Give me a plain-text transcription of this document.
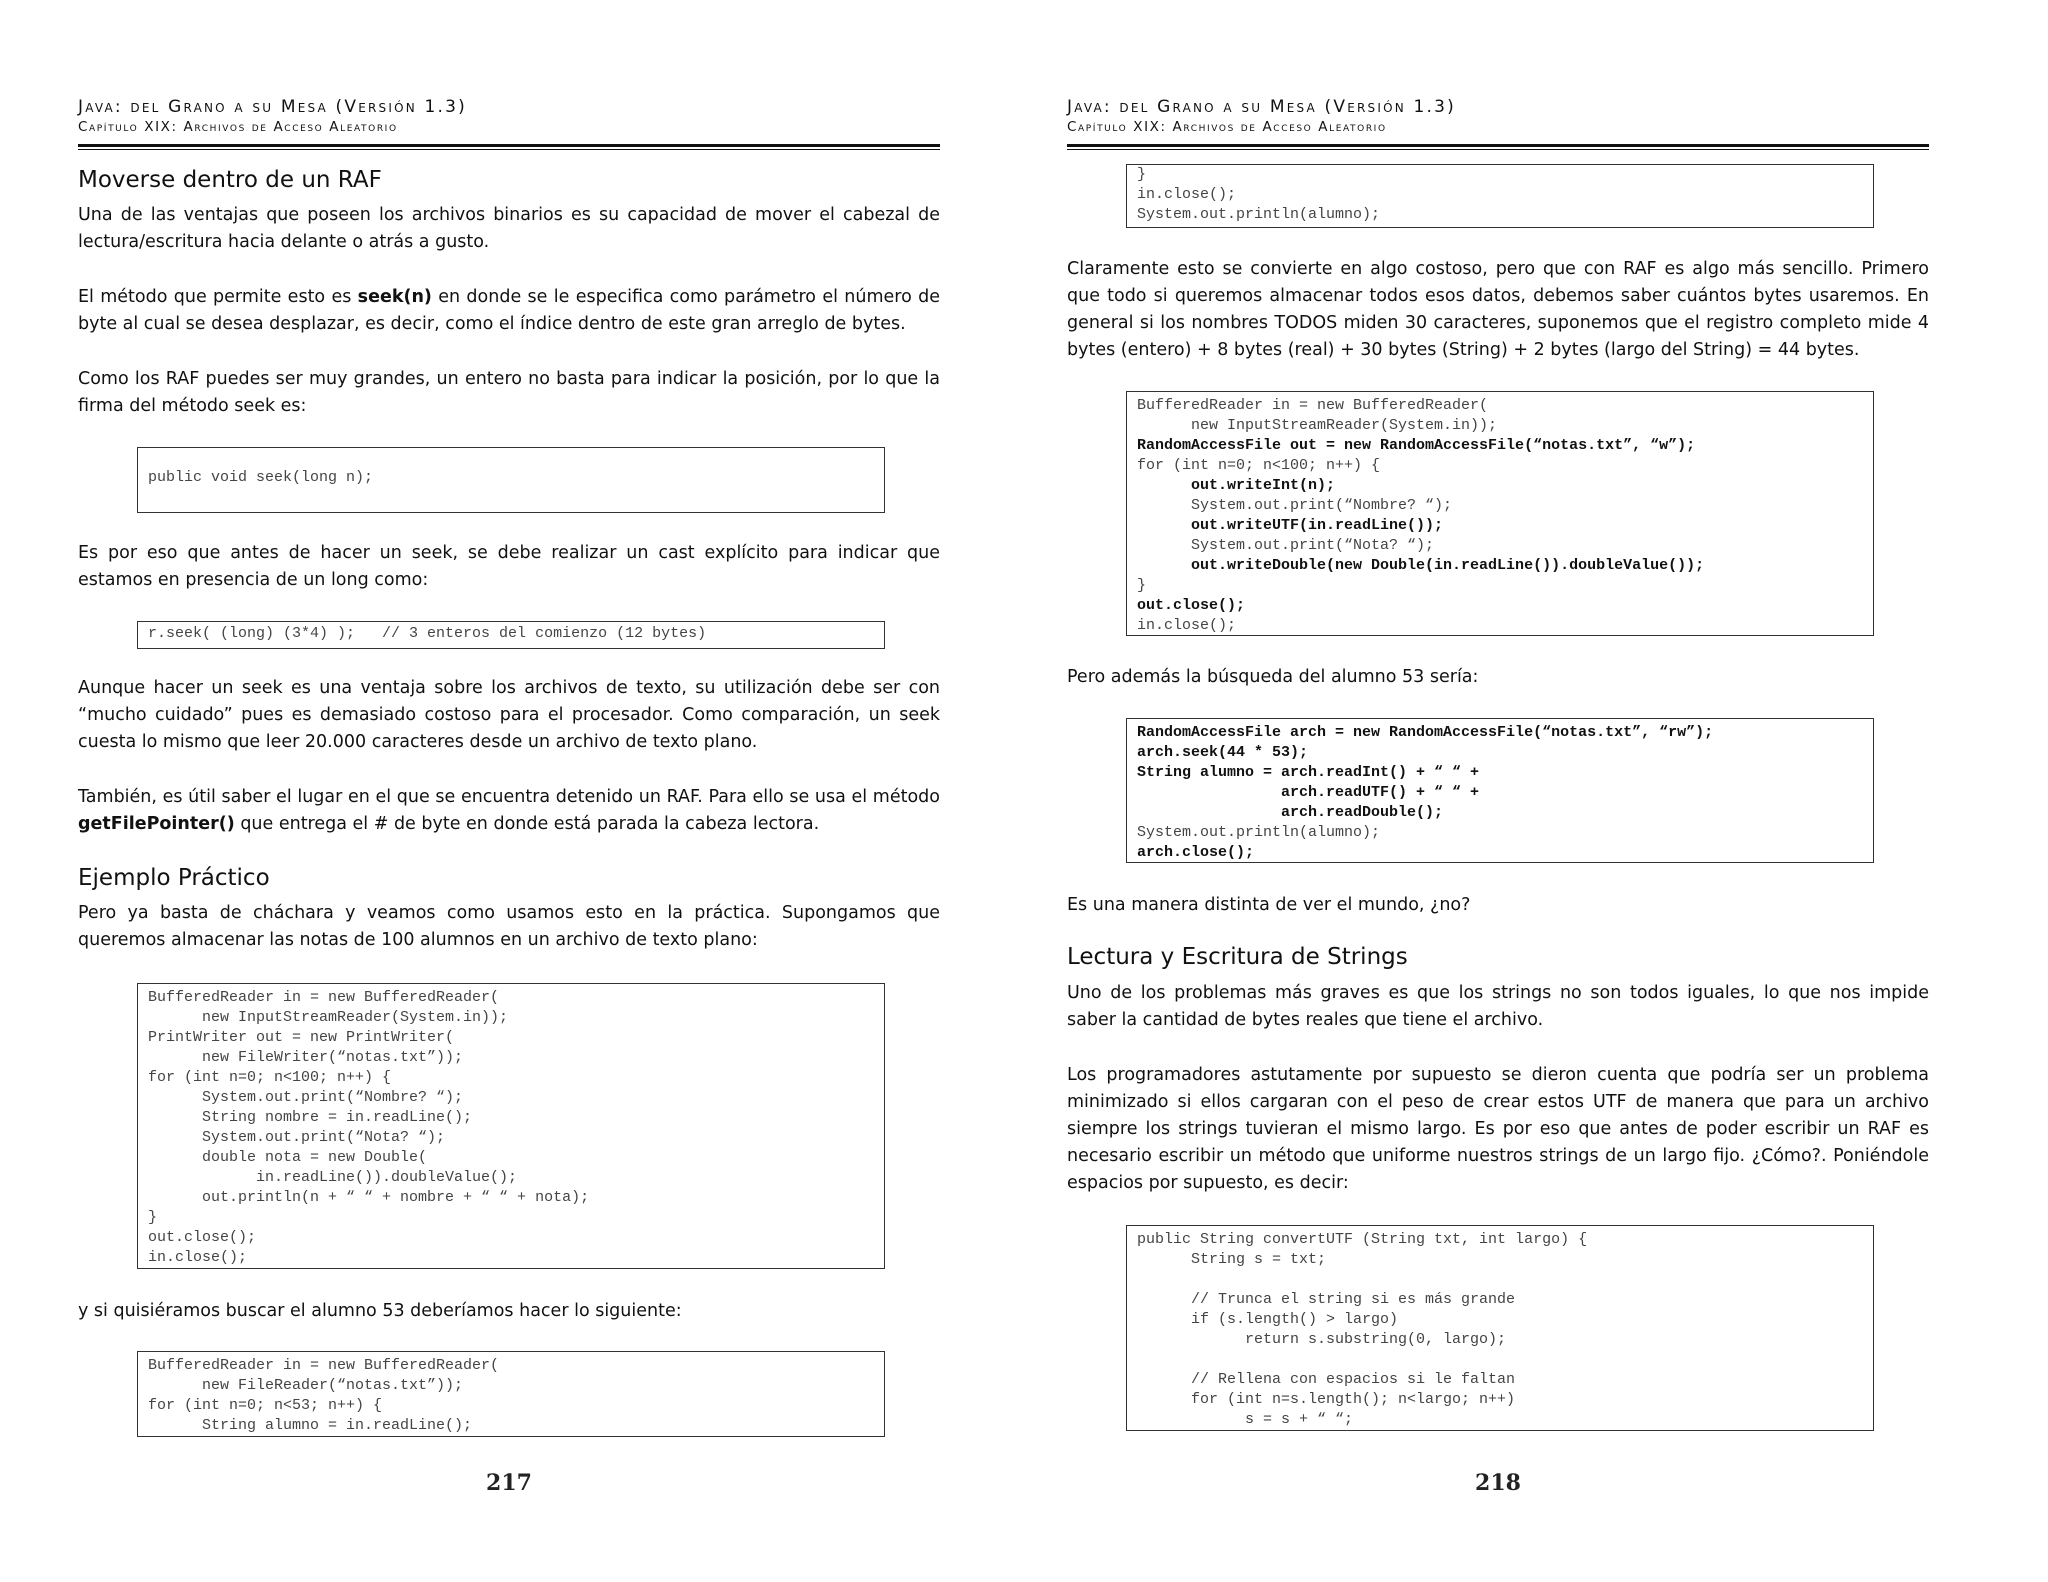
Java: del Grano a su Mesa (Versión 1.3)
Capítulo XIX: Archivos de Acceso Aleatorio
Moverse dentro de un RAF

Una de las ventajas que poseen los archivos binarios es su capacidad de mover el cabezal de lectura/escritura hacia delante o atrás a gusto.

El método que permite esto es seek(n) en donde se le especifica como parámetro el número de byte al cual se desea desplazar, es decir, como el índice dentro de este gran arreglo de bytes.

Como los RAF puedes ser muy grandes, un entero no basta para indicar la posición, por lo que la firma del método seek es:

public void seek(long n);

Es por eso que antes de hacer un seek, se debe realizar un cast explícito para indicar que estamos en presencia de un long como:

r.seek( (long) (3*4) );   // 3 enteros del comienzo (12 bytes)

Aunque hacer un seek es una ventaja sobre los archivos de texto, su utilización debe ser con “mucho cuidado” pues es demasiado costoso para el procesador. Como comparación, un seek cuesta lo mismo que leer 20.000 caracteres desde un archivo de texto plano.

También, es útil saber el lugar en el que se encuentra detenido un RAF. Para ello se usa el método getFilePointer() que entrega el # de byte en donde está parada la cabeza lectora.

Ejemplo Práctico

Pero ya basta de cháchara y veamos como usamos esto en la práctica. Supongamos que queremos almacenar las notas de 100 alumnos en un archivo de texto plano:

BufferedReader in = new BufferedReader(
new InputStreamReader(System.in));
PrintWriter out = new PrintWriter(
new FileWriter(“notas.txt”));
for (int n=0; n<100; n++) {
System.out.print(“Nombre? “);
String nombre = in.readLine();
System.out.print(“Nota? “);
double nota = new Double(
in.readLine()).doubleValue();
out.println(n + “ “ + nombre + “ “ + nota);
}
out.close();
in.close();

y si quisiéramos buscar el alumno 53 deberíamos hacer lo siguiente:

BufferedReader in = new BufferedReader(
new FileReader(“notas.txt”));
for (int n=0; n<53; n++) {
String alumno = in.readLine();
217
Java: del Grano a su Mesa (Versión 1.3)
Capítulo XIX: Archivos de Acceso Aleatorio
}
in.close();
System.out.println(alumno);

Claramente esto se convierte en algo costoso, pero que con RAF es algo más sencillo. Primero que todo si queremos almacenar todos esos datos, debemos saber cuántos bytes usaremos. En general si los nombres TODOS miden 30 caracteres, suponemos que el registro completo mide 4 bytes (entero) + 8 bytes (real) + 30 bytes (String) + 2 bytes (largo del String) = 44 bytes.

BufferedReader in = new BufferedReader(
new InputStreamReader(System.in));
RandomAccessFile out = new RandomAccessFile(“notas.txt”, “w”);
for (int n=0; n<100; n++) {
out.writeInt(n);
System.out.print(“Nombre? “);
out.writeUTF(in.readLine());
System.out.print(“Nota? “);
out.writeDouble(new Double(in.readLine()).doubleValue());
}
out.close();
in.close();

Pero además la búsqueda del alumno 53 sería:

RandomAccessFile arch = new RandomAccessFile(“notas.txt”, “rw”);
arch.seek(44 * 53);
String alumno = arch.readInt() + “ “ +
arch.readUTF() + “ “ +
arch.readDouble();
System.out.println(alumno);
arch.close();

Es una manera distinta de ver el mundo, ¿no?

Lectura y Escritura de Strings

Uno de los problemas más graves es que los strings no son todos iguales, lo que nos impide saber la cantidad de bytes reales que tiene el archivo.

Los programadores astutamente por supuesto se dieron cuenta que podría ser un problema minimizado si ellos cargaran con el peso de crear estos UTF de manera que para un archivo siempre los strings tuvieran el mismo largo. Es por eso que antes de poder escribir un RAF es necesario escribir un método que uniforme nuestros strings de un largo fijo. ¿Cómo?. Poniéndole espacios por supuesto, es decir:

public String convertUTF (String txt, int largo) {
String s = txt;

// Trunca el string si es más grande
if (s.length() > largo)
return s.substring(0, largo);

// Rellena con espacios si le faltan
for (int n=s.length(); n<largo; n++)
s = s + “ “;
218
